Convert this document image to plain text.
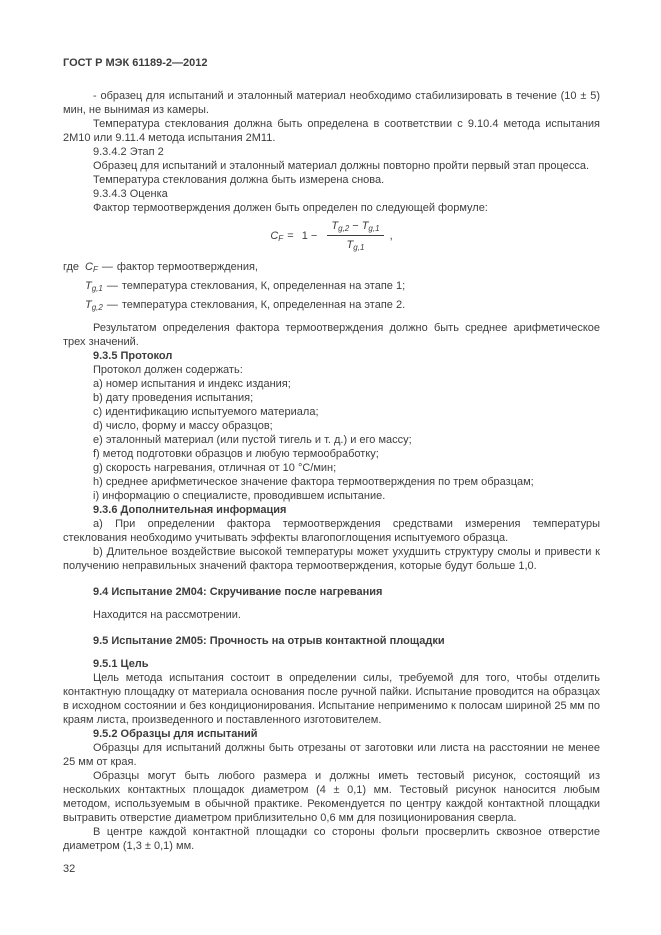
ГОСТ Р МЭК 61189-2—2012

- образец для испытаний и эталонный материал необходимо стабилизировать в течение (10 ± 5) мин, не вынимая из камеры.

Температура стеклования должна быть определена в соответствии с 9.10.4 метода испытания 2М10 или 9.11.4 метода испытания 2М11.

9.3.4.2 Этап 2

Образец для испытаний и эталонный материал должны повторно пройти первый этап процесса.

Температура стеклования должна быть измерена снова.

9.3.4.3 Оценка

Фактор термоотверждения должен быть определен по следующей формуле:

$C_F = 1 - \frac{T_{g,2} - T_{g,1}}{T_{g,1}}$ ,
где $C_F$ — фактор термоотверждения,
$T_{g,1}$ — температура стеклования, К, определенная на этапе 1;
$T_{g,2}$ — температура стеклования, К, определенная на этапе 2.

Результатом определения фактора термоотверждения должно быть среднее арифметическое трех значений.

9.3.5 Протокол

Протокол должен содержать:

a) номер испытания и индекс издания;

b) дату проведения испытания;

c) идентификацию испытуемого материала;

d) число, форму и массу образцов;

e) эталонный материал (или пустой тигель и т. д.) и его массу;

f) метод подготовки образцов и любую термообработку;

g) скорость нагревания, отличная от 10 °С/мин;

h) среднее арифметическое значение фактора термоотверждения по трем образцам;

i) информацию о специалисте, проводившем испытание.

9.3.6 Дополнительная информация

a) При определении фактора термоотверждения средствами измерения температуры стеклования необходимо учитывать эффекты влагопоглощения испытуемого образца.

b) Длительное воздействие высокой температуры может ухудшить структуру смолы и привести к получению неправильных значений фактора термоотверждения, которые будут больше 1,0.

9.4 Испытание 2М04: Скручивание после нагревания

Находится на рассмотрении.

9.5 Испытание 2М05: Прочность на отрыв контактной площадки

9.5.1 Цель

Цель метода испытания состоит в определении силы, требуемой для того, чтобы отделить контактную площадку от материала основания после ручной пайки. Испытание проводится на образцах в исходном состоянии и без кондиционирования. Испытание неприменимо к полосам шириной 25 мм по краям листа, произведенного и поставленного изготовителем.

9.5.2 Образцы для испытаний

Образцы для испытаний должны быть отрезаны от заготовки или листа на расстоянии не менее 25 мм от края.

Образцы могут быть любого размера и должны иметь тестовый рисунок, состоящий из нескольких контактных площадок диаметром (4 ± 0,1) мм. Тестовый рисунок наносится любым методом, используемым в обычной практике. Рекомендуется по центру каждой контактной площадки вытравить отверстие диаметром приблизительно 0,6 мм для позиционирования сверла.

В центре каждой контактной площадки со стороны фольги просверлить сквозное отверстие диаметром (1,3 ± 0,1) мм.

32
